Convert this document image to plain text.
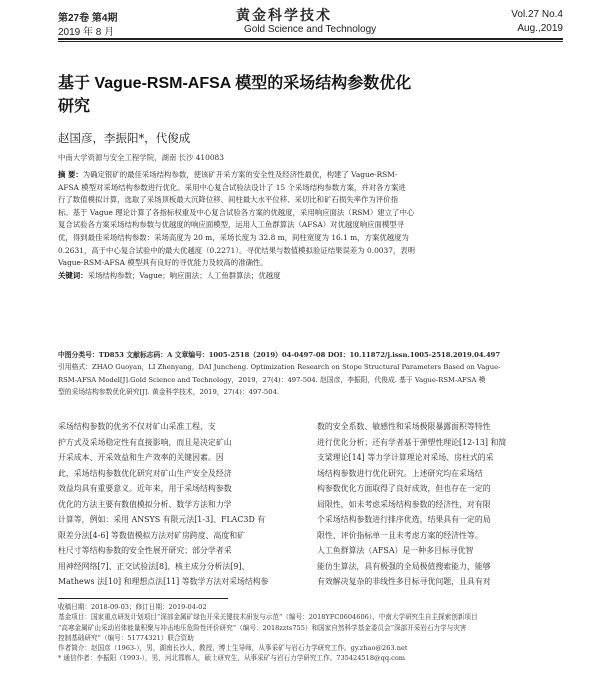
第27卷 第4期
2019 年 8 月
黄金科学技术
Gold Science and Technology
Vol.27 No.4
Aug.,2019
基于 Vague-RSM-AFSA 模型的采场结构参数优化
研究
赵国彦，李振阳*，代俊成
中南大学资源与安全工程学院，湖南 长沙 410083
摘 要：为确定银矿的最佳采场结构参数，使该矿开采方案的安全性及经济性最优，构建了 Vague-RSM-
AFSA 模型对采场结构参数进行优化。采用中心复合试验法设计了 15 个采场结构参数方案，并对各方案进
行了数值模拟计算，选取了采场顶板最大沉降位移、间柱最大水平位移、采切比和矿石损失率作为评价指
标。基于 Vague 理论计算了各指标权重及中心复合试验各方案的优越度，采用响应面法（RSM）建立了中心
复合试验各方案采场结构参数与优越度的响应面模型，运用人工鱼群算法（AFSA）对优越度响应面模型寻
优，得到最佳采场结构参数：采场高度为 20 m，采场长度为 32.8 m，间柱宽度为 16.1 m，方案优越度为
0.2631，高于中心复合试验中的最大优越度（0.2271）。寻优结果与数值模拟验证结果误差为 0.0037，表明
Vague-RSM-AFSA 模型具有良好的寻优能力及较高的准确性。
关键词：采场结构参数；Vague；响应面法；人工鱼群算法；优越度
中图分类号：TD853 文献标志码：A 文章编号：1005-2518（2019）04-0497-08 DOI：10.11872/j.issn.1005-2518.2019.04.497
引用格式：ZHAO Guoyan，LI Zhenyang，DAI Juncheng. Optimization Research on Stope Structural Parameters Based on Vague-
RSM-AFSA Model[J].Gold Science and Technology，2019，27(4)：497-504. 赵国彦，李振阳，代俊成. 基于 Vague-RSM-AFSA 模
型的采场结构参数优化研究[J]. 黄金科学技术，2019，27(4)：497-504.
采场结构参数的优劣不仅对矿山采准工程、支
护方式及采场稳定性有直接影响，而且是决定矿山
开采成本、开采效益和生产效率的关键因素。因
此，采场结构参数优化研究对矿山生产安全及经济
效益均具有重要意义。近年来，用于采场结构参数
优化的方法主要有数值模拟分析、数学方法和力学
计算等，例如：采用 ANSYS 有限元法[1-3]、FLAC3D 有
限差分法[4-6] 等数值模拟方法对矿房跨度、高度和矿
柱尺寸等结构参数的安全性展开研究；部分学者采
用神经网络[7]、正交试验法[8]、核主成分分析法[9]、
Mathews 法[10] 和理想点法[11] 等数学方法对采场结构参
数的安全系数、敏感性和采场极限暴露面积等特性
进行优化分析；还有学者基于弹塑性理论[12-13] 和简
支梁理论[14] 等力学计算理论对采场、房柱式的采
场结构参数进行优化研究。上述研究均在采场结
构参数优化方面取得了良好成效，但也存在一定的
局限性，如未考虑采场结构参数的经济性，对有限
个采场结构参数进行排序优选，结果具有一定的局
限性、评价指标单一且未考虑方案的经济性等。
人工鱼群算法（AFSA）是一种多目标寻优智
能仿生算法，具有极强的全局极值搜索能力，能够
有效解决复杂的非线性多目标寻优问题，且具有对
收稿日期：2018-09-03；修订日期：2019-04-02
基金项目：国家重点研发计划项目“深部金属矿绿色开采关键技术研发与示范”（编号：2018YFC0604606）、中南大学研究生自主探索创新项目
“高寒金属矿山采动岩体能量积聚与冲击地压危险性评价研究”（编号：2018zzts755）和国家自然科学基金委员会“深部开采岩石力学与灾害
控制基础研究”（编号：51774321）联合资助
作者简介：赵国彦（1963-），男，湖南长沙人，教授，博士生导师，从事采矿与岩石力学研究工作。gy.zhao@263.net
* 通信作者：李振阳（1993-），男，河北邯郸人，硕士研究生，从事采矿与岩石力学研究工作。735424518@qq.com
